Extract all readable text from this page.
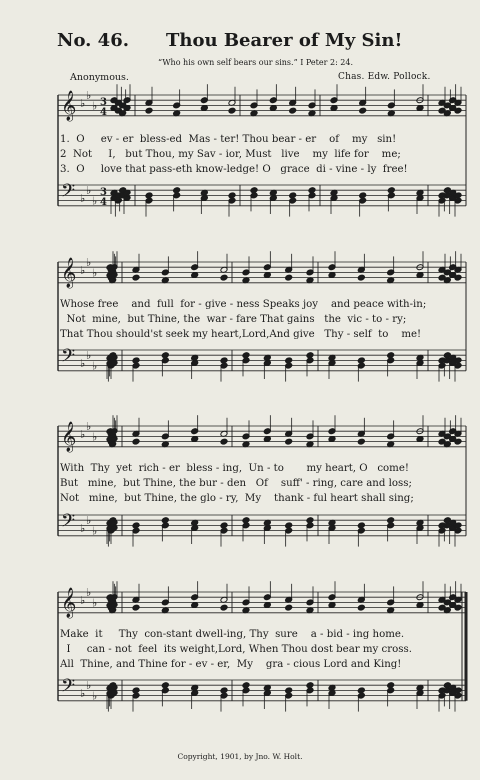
No. 46. Thou Bearer of My Sin!
“Who his own self bears our sins.” I Peter 2: 24.
Anonymous.	Chas. Edw. Pollock.
𝄞
𝄢
♭
♭
♭
♭
♭
♭
𝄞
𝄢
♭
♭
♭
♭
♭
♭
𝄞
𝄢
♭
♭
♭
♭
♭
♭
𝄞
𝄢
♭
♭
♭
♭
♭
♭
3
4
3
4
1.  O     ev - er  bless-ed  Mas - ter! Thou bear - er    of    my   sin!
2  Not     I,   but Thou, my Sav - ior, Must   live    my  life for    me;
3.  O     love that pass-eth know-ledge! O   grace  di - vine - ly  free!
Whose free    and  full  for - give - ness Speaks joy    and peace with-in;
Not  mine,  but Thine, the  war - fare That gains   the  vic - to - ry;
That Thou should'st seek my heart,Lord,And give   Thy - self  to    me!
With  Thy  yet  rich - er  bless - ing,  Un - to       my heart, O   come!
But   mine,  but Thine, the bur - den   Of    suff' - ring, care and loss;
Not   mine,  but Thine, the glo - ry,  My    thank - ful heart shall sing;
Make  it     Thy  con-stant dwell-ing, Thy  sure    a - bid - ing home.
I     can - not  feel  its weight,Lord, When Thou dost bear my cross.
All  Thine, and Thine for - ev - er,  My    gra - cious Lord and King!
Copyright, 1901, by Jno. W. Holt.
